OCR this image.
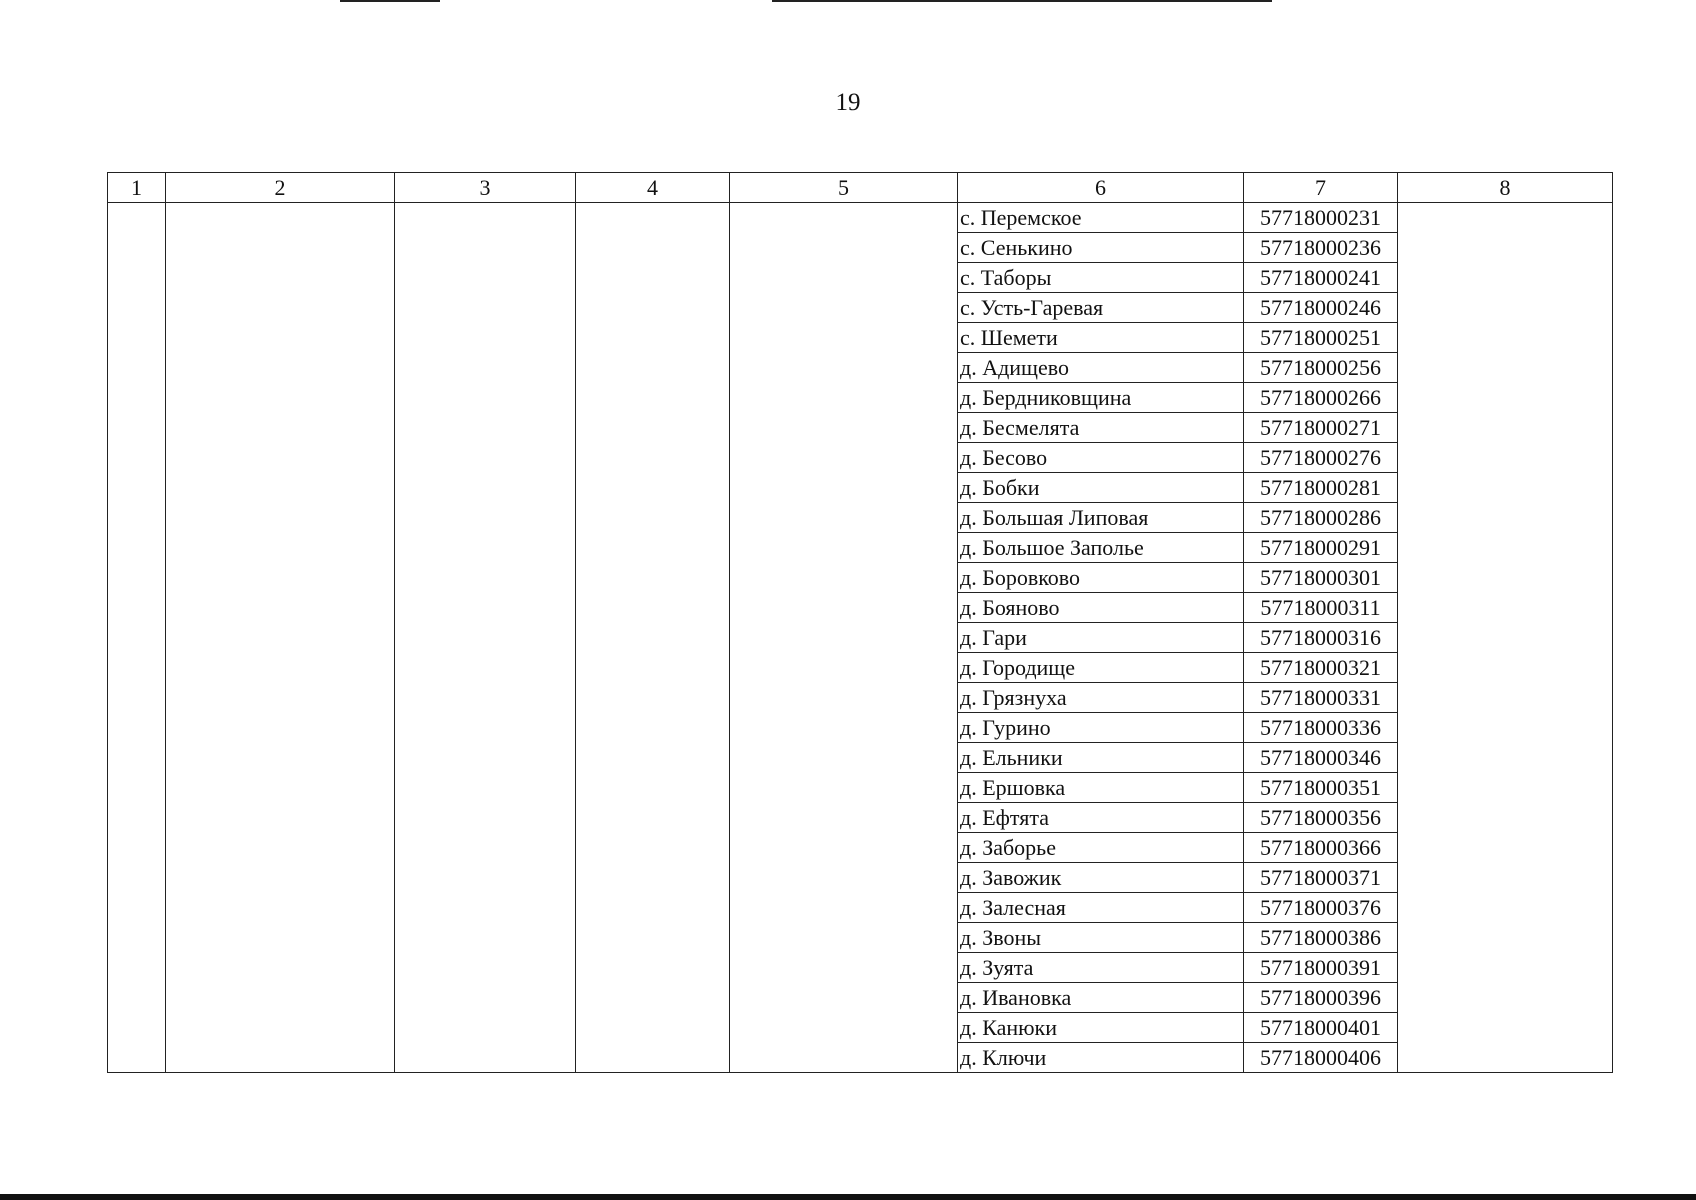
19
1	2	3	4	5	6	7	8
					с. Перемское	57718000231	
					с. Сенькино	57718000236	
					с. Таборы	57718000241	
					с. Усть-Гаревая	57718000246	
					с. Шемети	57718000251	
					д. Адищево	57718000256	
					д. Бердниковщина	57718000266	
					д. Бесмелята	57718000271	
					д. Бесово	57718000276	
					д. Бобки	57718000281	
					д. Большая Липовая	57718000286	
					д. Большое Заполье	57718000291	
					д. Боровково	57718000301	
					д. Бояново	57718000311	
					д. Гари	57718000316	
					д. Городище	57718000321	
					д. Грязнуха	57718000331	
					д. Гурино	57718000336	
					д. Ельники	57718000346	
					д. Ершовка	57718000351	
					д. Ефтята	57718000356	
					д. Заборье	57718000366	
					д. Завожик	57718000371	
					д. Залесная	57718000376	
					д. Звоны	57718000386	
					д. Зуята	57718000391	
					д. Ивановка	57718000396	
					д. Канюки	57718000401	
					д. Ключи	57718000406	
